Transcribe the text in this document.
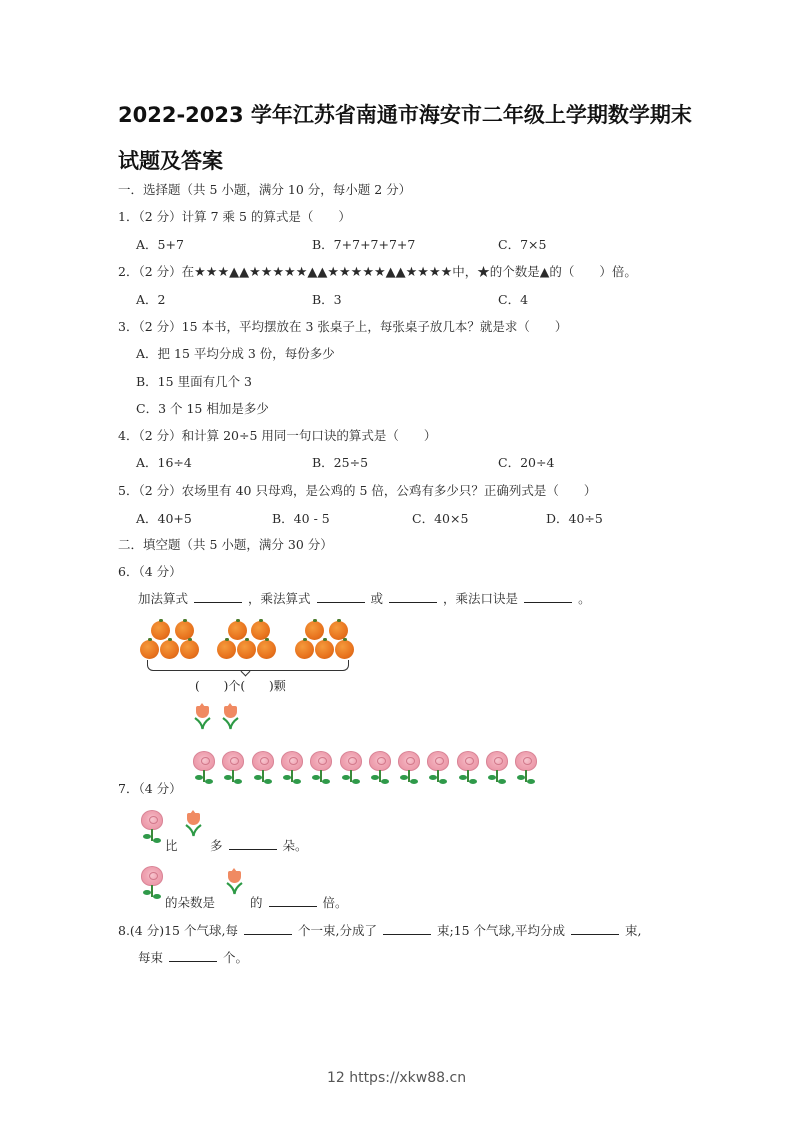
2022-2023 学年江苏省南通市海安市二年级上学期数学期末
试题及答案
一．选择题（共 5 小题，满分 10 分，每小题 2 分）
1．（2 分）计算 7 乘 5 的算式是（　　）
A．5+7	B．7+7+7+7+7	C．7×5
2．（2 分）在★★★▲▲★★★★★▲▲★★★★★▲▲★★★★中，★的个数是▲的（　　）倍。
A．2	B．3	C．4
3．（2 分）15 本书，平均摆放在 3 张桌子上，每张桌子放几本？就是求（　　）
A．把 15 平均分成 3 份，每份多少
B．15 里面有几个 3
C．3 个 15 相加是多少
4．（2 分）和计算 20÷5 用同一句口诀的算式是（　　）
A．16÷4	B．25÷5	C．20÷4
5．（2 分）农场里有 40 只母鸡，是公鸡的 5 倍，公鸡有多少只？正确列式是（　　）
A．40+5	B．40 - 5	C．40×5	D．40÷5
二．填空题（共 5 小题，满分 30 分）
6．（4 分）
加法算式	，乘法算式	或	，乘法口诀是	。
(　　)个(　　)颗
7．（4 分）
比	多	朵。
的朵数是	的	倍。
8.(4 分)15 个气球,每	个一束,分成了	束;15 个气球,平均分成	束,
每束	个。
12 https://xkw88.cn
